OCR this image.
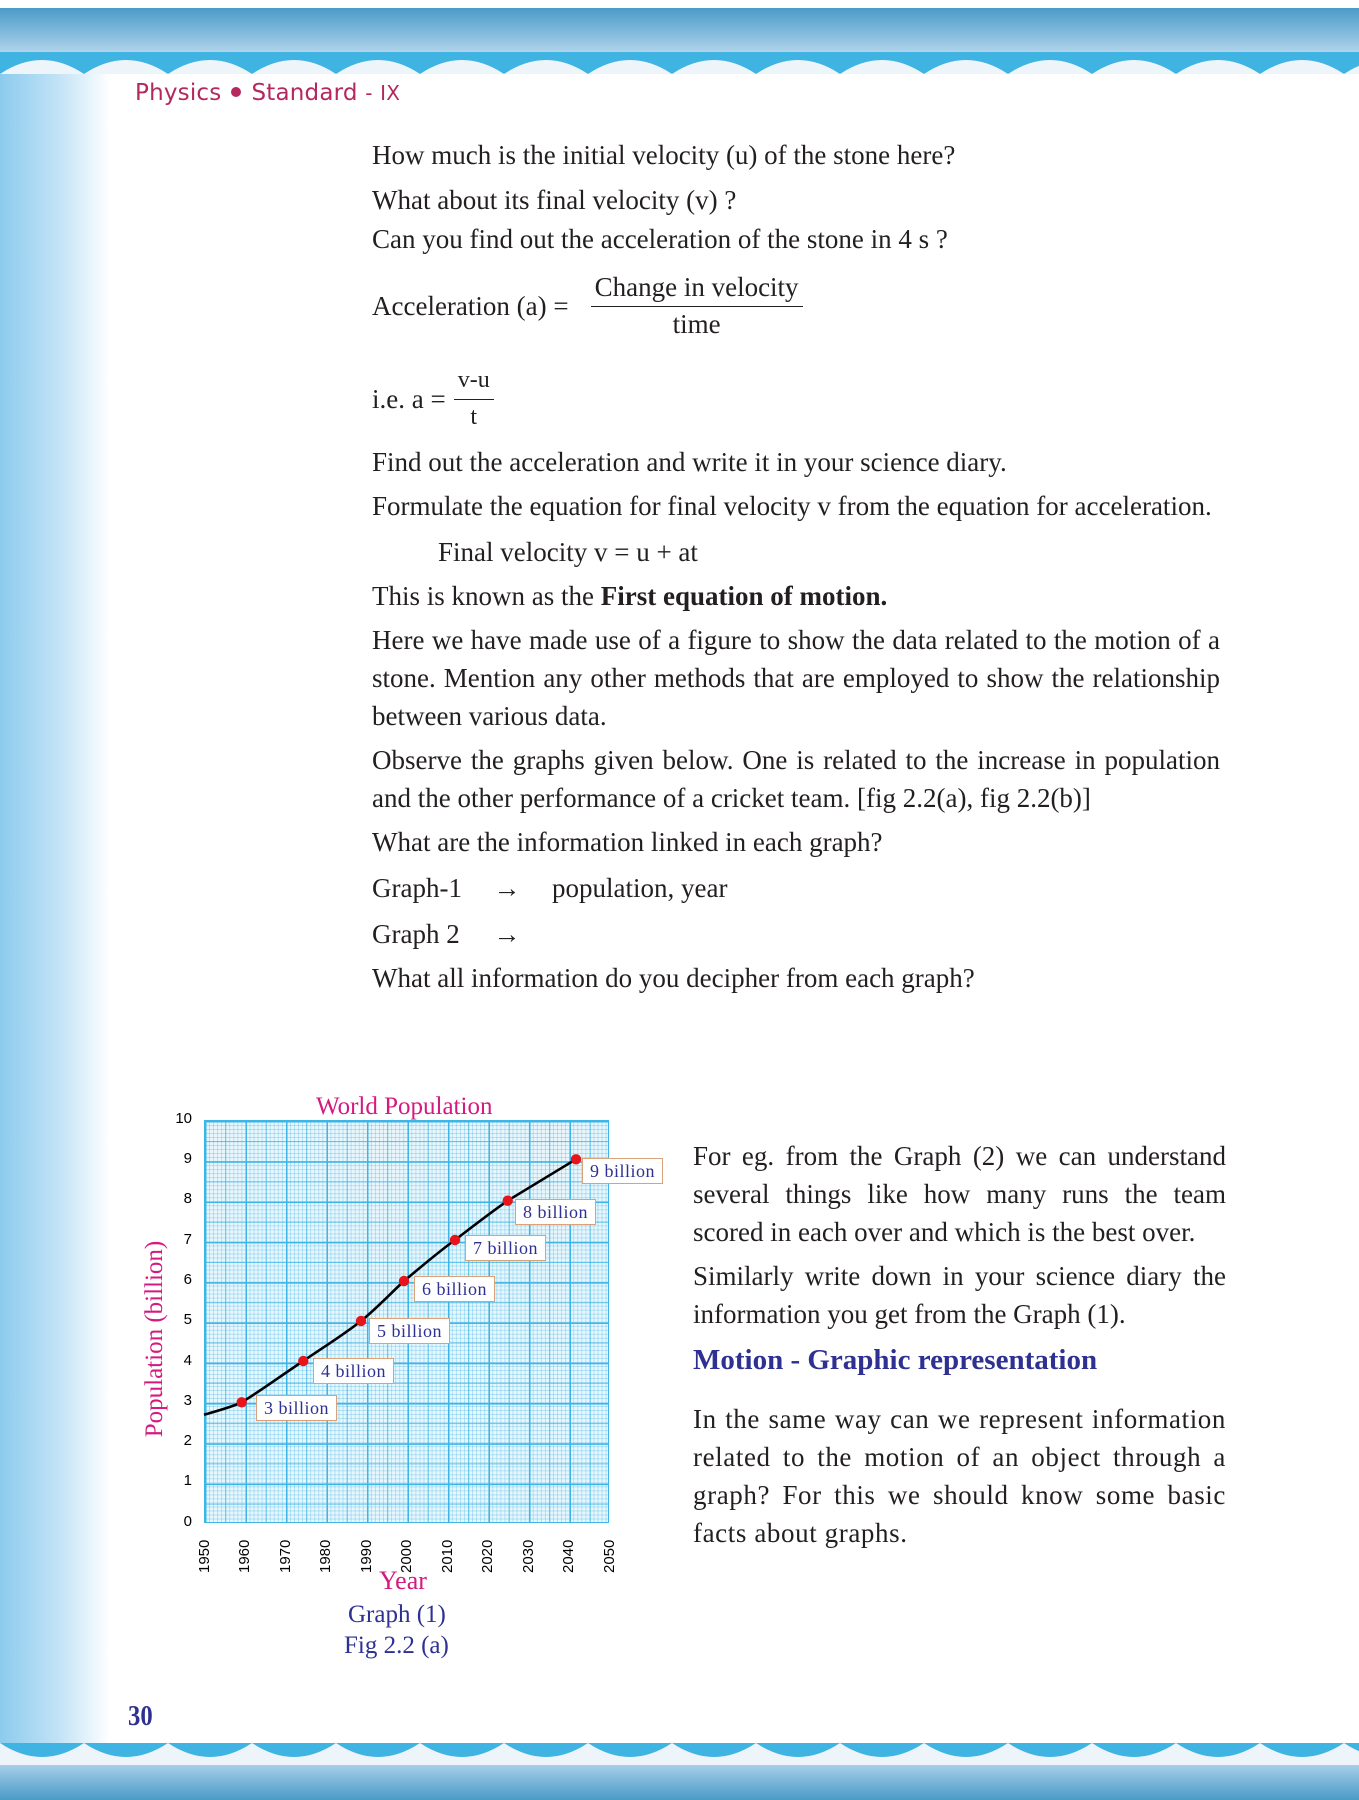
Physics Standard - IX
How much is the initial velocity (u) of the stone here?
What about its final velocity (v) ?
Can you find out the acceleration of the stone in 4 s ?
Acceleration $(a) = \frac{\text{Change in velocity}}{\text{time}}$
i.e. $a = \frac{v-u}{t}$

Find out the acceleration and write it in your science diary.

Formulate the equation for final velocity v from the equation for acceleration.

Final velocity v = u + at

This is known as the First equation of motion.

Here we have made use of a figure to show the data related to the motion of a stone. Mention any other methods that are employed to show the relationship between various data.

Observe the graphs given below. One is related to the increase in population and the other performance of a cricket team. [fig 2.2(a), fig 2.2(b)]

What are the information linked in each graph?

Graph-1 → population, year

Graph 2 →

What all information do you decipher from each graph?

World Population
Population (billion)
10
9
8
7
6
5
4
3
2
1
0
3 billion
4 billion
5 billion
6 billion
7 billion
8 billion
9 billion
1950 1960 1970 1980 1990 2000 2010 2020 2030 2040 2050
Year
Graph (1)
Fig 2.2 (a)

For eg. from the Graph (2) we can understand several things like how many runs the team scored in each over and which is the best over.

Similarly write down in your science diary the information you get from the Graph (1).

Motion - Graphic representation

In the same way can we represent information related to the motion of an object through a graph? For this we should know some basic facts about graphs.

30
